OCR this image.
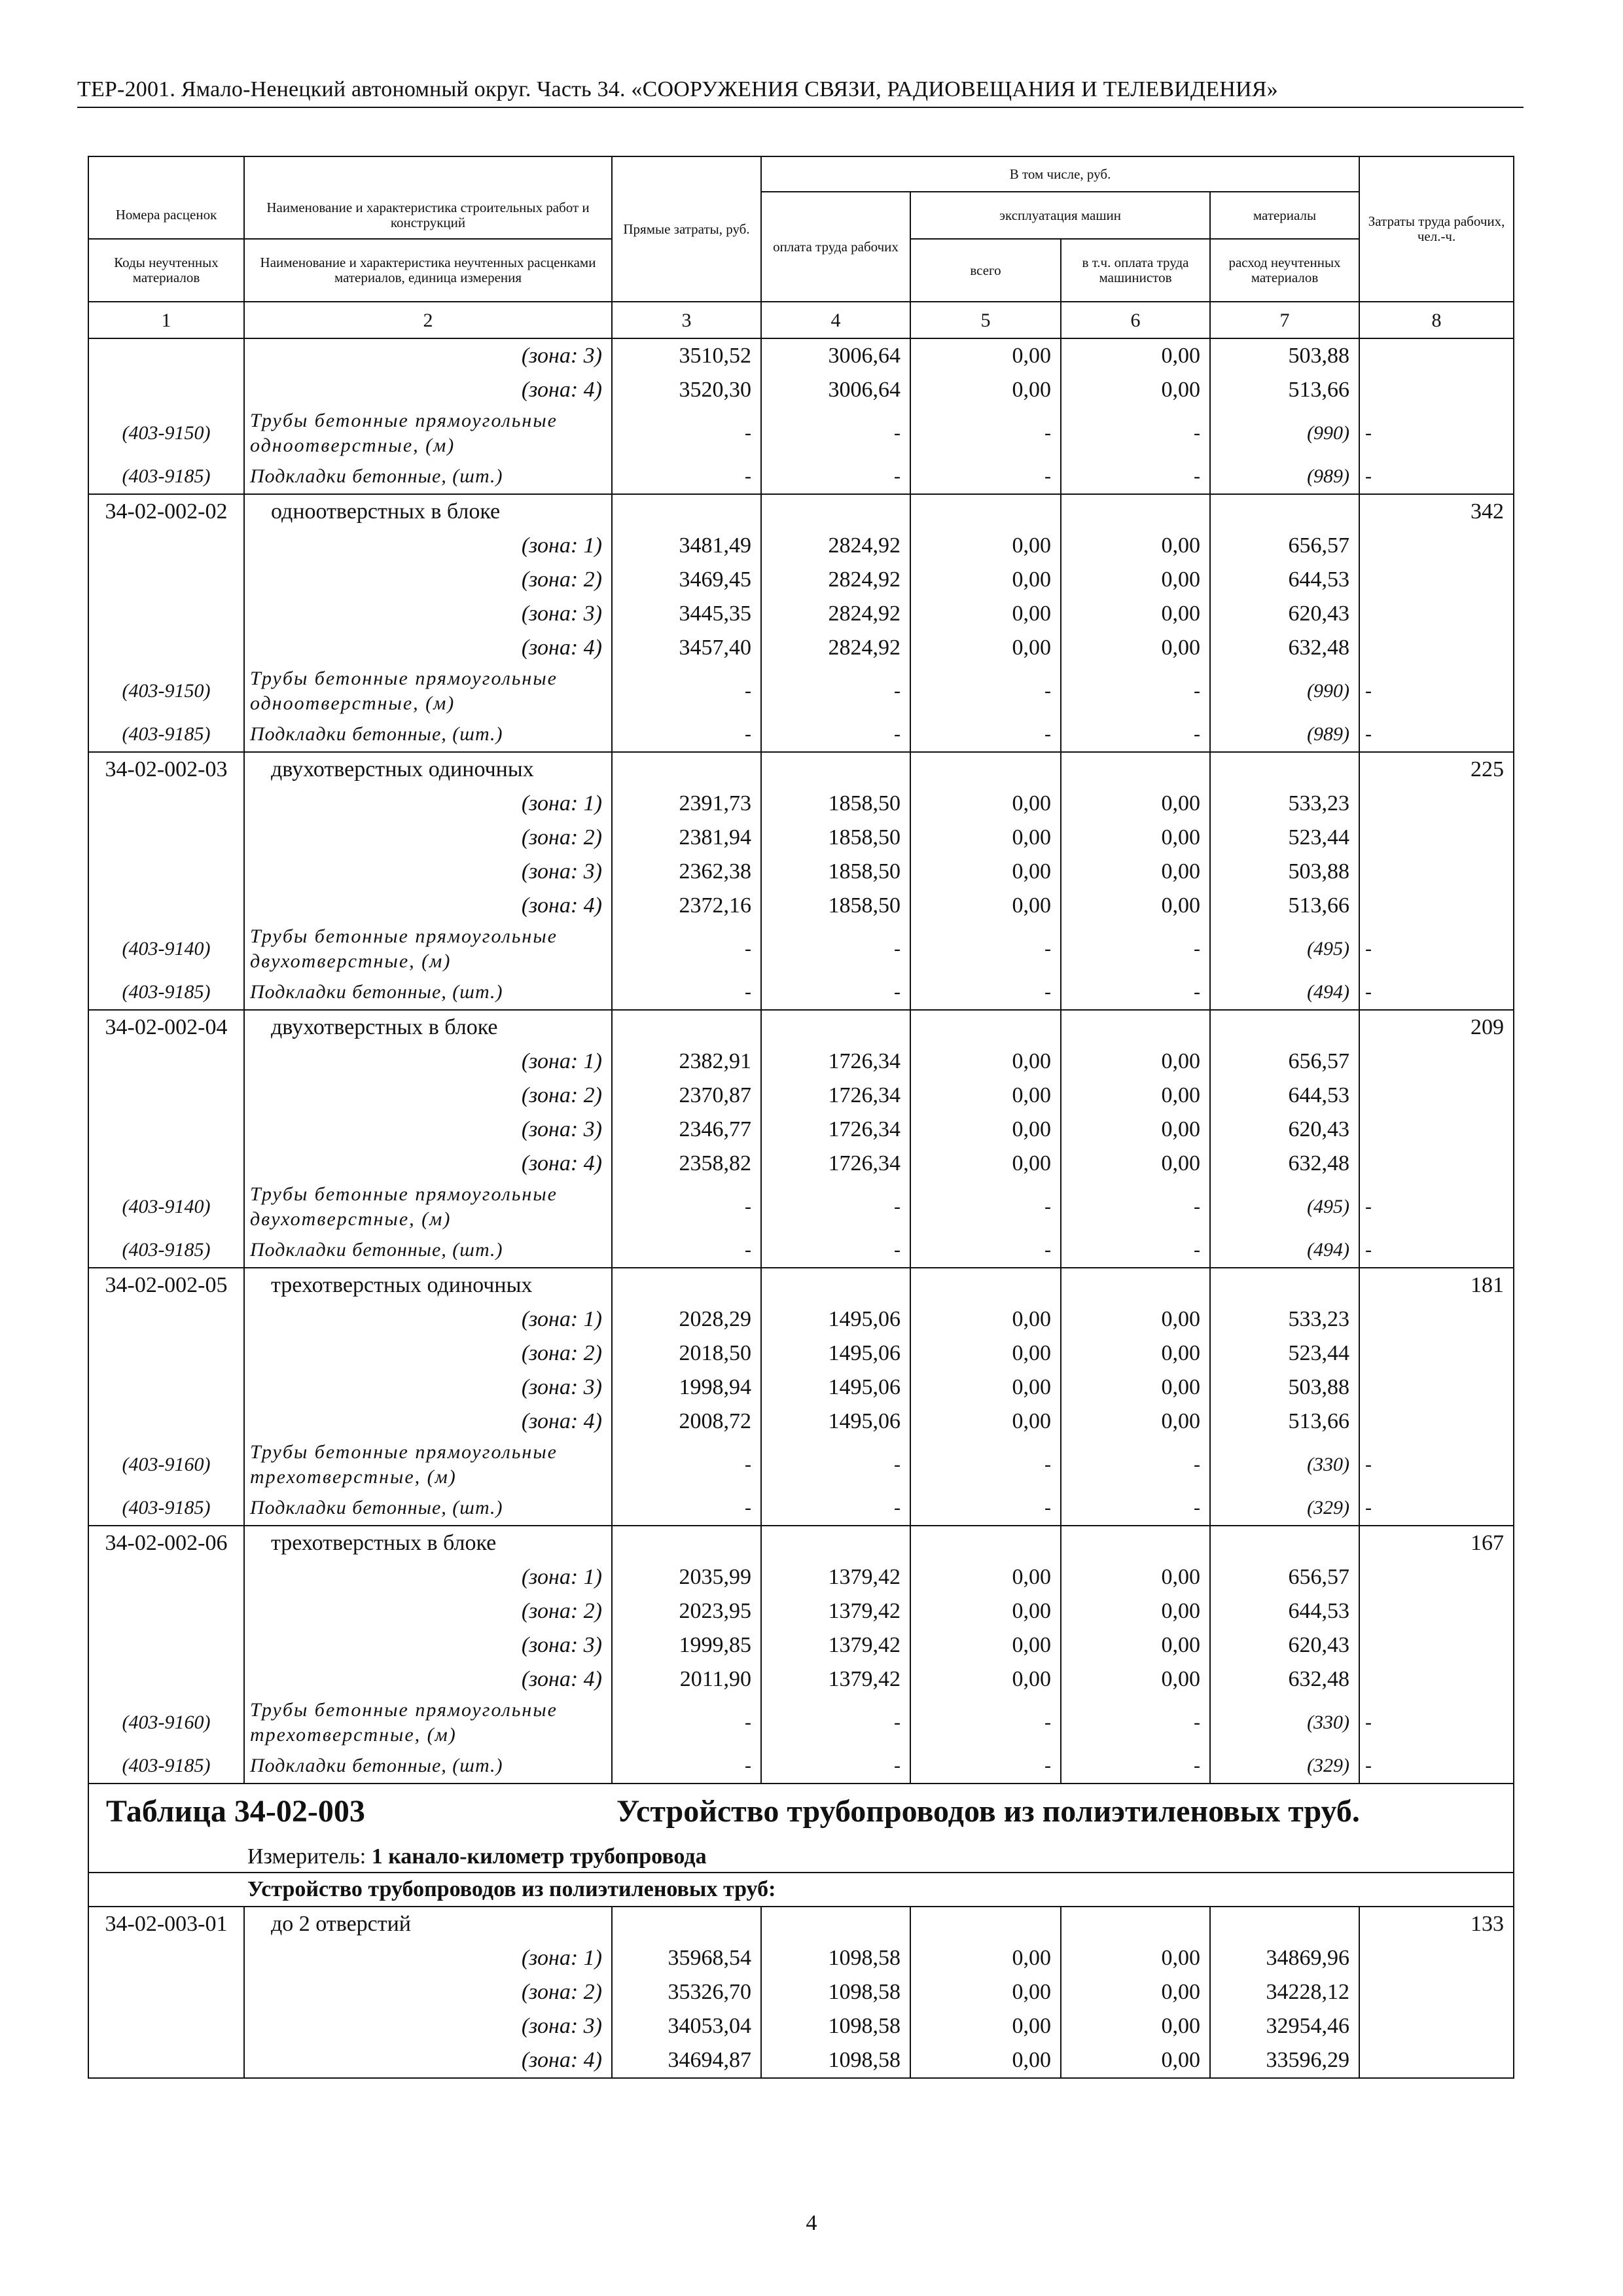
ТЕР-2001. Ямало-Ненецкий автономный округ. Часть 34. «СООРУЖЕНИЯ СВЯЗИ, РАДИОВЕЩАНИЯ И ТЕЛЕВИДЕНИЯ»
		Прямые затраты, руб.	В том числе, руб.				Затраты труда рабочих, чел.-ч.
Номера расценок	Наименование и характеристика строительных работ и конструкций		оплата труда рабочих	эксплуатация машин		материалы	
Коды неучтенных материалов	Наименование и характеристика неучтенных расценками материалов, единица измерения			всего	в т.ч. оплата труда машинистов	расход неучтенных материалов	
1	2	3	4	5	6	7	8
	(зона: 3)	3510,52	3006,64	0,00	0,00	503,88	
	(зона: 4)	3520,30	3006,64	0,00	0,00	513,66	
(403-9150)	Трубы бетонные прямоугольные одноотверстные, (м)	-	-	-	-	(990)	-

(403-9185)	Подкладки бетонные, (шт.)	-	-	-	-	(989)	-

34-02-002-02	одноотверстных в блоке						342
	(зона: 1)	3481,49	2824,92	0,00	0,00	656,57	
	(зона: 2)	3469,45	2824,92	0,00	0,00	644,53	
	(зона: 3)	3445,35	2824,92	0,00	0,00	620,43	
	(зона: 4)	3457,40	2824,92	0,00	0,00	632,48	
(403-9150)	Трубы бетонные прямоугольные одноотверстные, (м)	-	-	-	-	(990)	-

(403-9185)	Подкладки бетонные, (шт.)	-	-	-	-	(989)	-

34-02-002-03	двухотверстных одиночных						225
	(зона: 1)	2391,73	1858,50	0,00	0,00	533,23	
	(зона: 2)	2381,94	1858,50	0,00	0,00	523,44	
	(зона: 3)	2362,38	1858,50	0,00	0,00	503,88	
	(зона: 4)	2372,16	1858,50	0,00	0,00	513,66	
(403-9140)	Трубы бетонные прямоугольные двухотверстные, (м)	-	-	-	-	(495)	-

(403-9185)	Подкладки бетонные, (шт.)	-	-	-	-	(494)	-

34-02-002-04	двухотверстных в блоке						209
	(зона: 1)	2382,91	1726,34	0,00	0,00	656,57	
	(зона: 2)	2370,87	1726,34	0,00	0,00	644,53	
	(зона: 3)	2346,77	1726,34	0,00	0,00	620,43	
	(зона: 4)	2358,82	1726,34	0,00	0,00	632,48	
(403-9140)	Трубы бетонные прямоугольные двухотверстные, (м)	-	-	-	-	(495)	-

(403-9185)	Подкладки бетонные, (шт.)	-	-	-	-	(494)	-

34-02-002-05	трехотверстных одиночных						181
	(зона: 1)	2028,29	1495,06	0,00	0,00	533,23	
	(зона: 2)	2018,50	1495,06	0,00	0,00	523,44	
	(зона: 3)	1998,94	1495,06	0,00	0,00	503,88	
	(зона: 4)	2008,72	1495,06	0,00	0,00	513,66	
(403-9160)	Трубы бетонные прямоугольные трехотверстные, (м)	-	-	-	-	(330)	-

(403-9185)	Подкладки бетонные, (шт.)	-	-	-	-	(329)	-

34-02-002-06	трехотверстных в блоке						167
	(зона: 1)	2035,99	1379,42	0,00	0,00	656,57	
	(зона: 2)	2023,95	1379,42	0,00	0,00	644,53	
	(зона: 3)	1999,85	1379,42	0,00	0,00	620,43	
	(зона: 4)	2011,90	1379,42	0,00	0,00	632,48	
(403-9160)	Трубы бетонные прямоугольные трехотверстные, (м)	-	-	-	-	(330)	-

(403-9185)	Подкладки бетонные, (шт.)	-	-	-	-	(329)	-

Таблица 34-02-003 Устройство трубопроводов из полиэтиленовых труб.							
Измеритель: 1 канало-километр трубопровода							
Устройство трубопроводов из полиэтиленовых труб:							
34-02-003-01	до 2 отверстий						133
	(зона: 1)	35968,54	1098,58	0,00	0,00	34869,96	
	(зона: 2)	35326,70	1098,58	0,00	0,00	34228,12	
	(зона: 3)	34053,04	1098,58	0,00	0,00	32954,46	
	(зона: 4)	34694,87	1098,58	0,00	0,00	33596,29	
4
